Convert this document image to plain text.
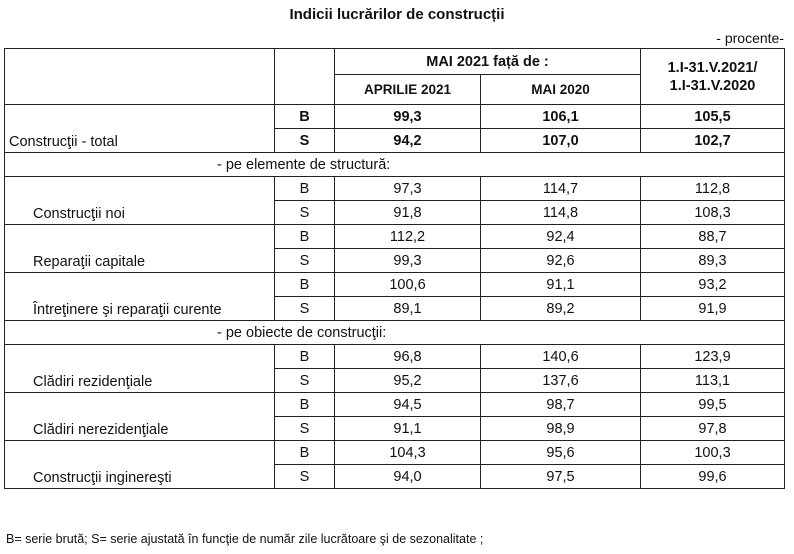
Indicii lucrărilor de construcții
- procente-
		MAI 2021 față de :		1.I-31.V.2021/
1.I-31.V.2020
		APRILIE 2021	MAI 2020	
Construcţii - total	B	99,3	106,1	105,5
	S	94,2	107,0	102,7
- pe elemente de structură:				
Construcţii noi	B	97,3	114,7	112,8
	S	91,8	114,8	108,3
Reparaţii capitale	B	112,2	92,4	88,7
	S	99,3	92,6	89,3
Întreţinere şi reparaţii curente	B	100,6	91,1	93,2
	S	89,1	89,2	91,9
- pe obiecte de construcţii:				
Clădiri rezidenţiale	B	96,8	140,6	123,9
	S	95,2	137,6	113,1
Clădiri nerezidenţiale	B	94,5	98,7	99,5
	S	91,1	98,9	97,8
Construcţii inginereşti	B	104,3	95,6	100,3
	S	94,0	97,5	99,6
B= serie brută; S= serie ajustată în funcţie de număr zile lucrătoare şi de sezonalitate ;
